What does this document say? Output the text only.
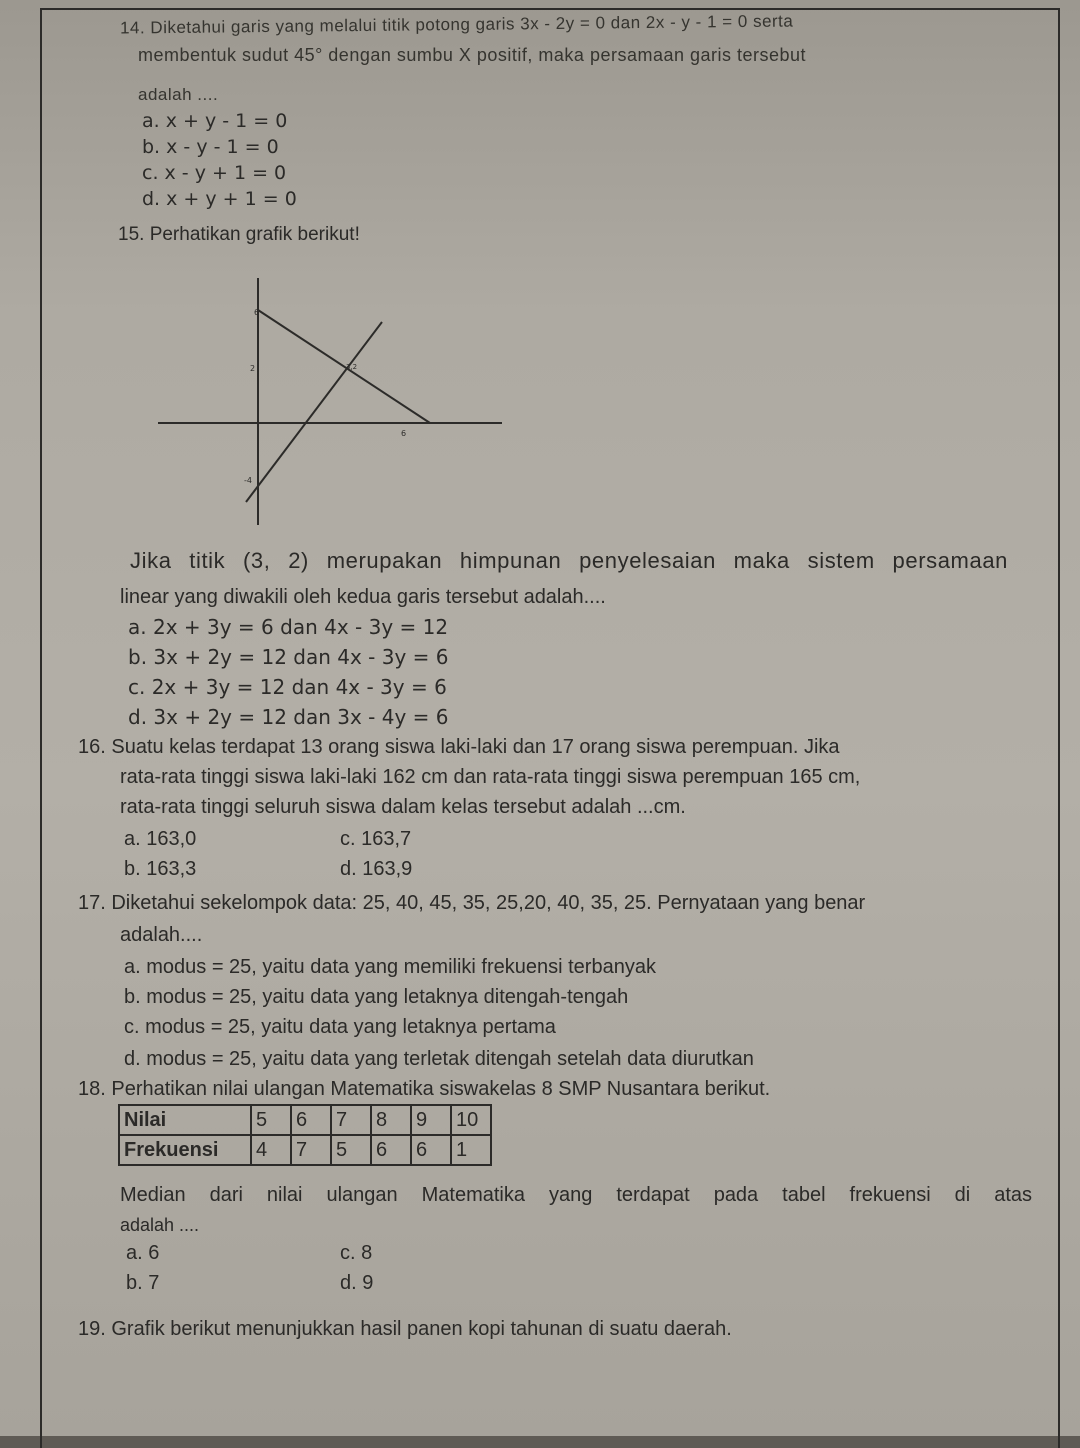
14. Diketahui garis yang melalui titik potong garis 3x - 2y = 0 dan 2x - y - 1 = 0 serta
membentuk sudut 45° dengan sumbu X positif, maka persamaan garis tersebut
adalah ....
a. x + y - 1 = 0
b. x - y - 1 = 0
c. x - y + 1 = 0
d. x + y + 1 = 0
15. Perhatikan grafik berikut!
6
2	3,2
6
-4
Jika titik (3, 2) merupakan himpunan penyelesaian maka sistem persamaan
linear yang diwakili oleh kedua garis tersebut adalah....
a. 2x + 3y = 6 dan 4x - 3y = 12
b. 3x + 2y = 12 dan 4x - 3y = 6
c. 2x + 3y = 12 dan 4x - 3y = 6
d. 3x + 2y = 12 dan 3x - 4y = 6
16. Suatu kelas terdapat 13 orang siswa laki-laki dan 17 orang siswa perempuan. Jika
rata-rata tinggi siswa laki-laki 162 cm dan rata-rata tinggi siswa perempuan 165 cm,
rata-rata tinggi seluruh siswa dalam kelas tersebut adalah ...cm.
a. 163,0	c. 163,7
b. 163,3	d. 163,9
17. Diketahui sekelompok data: 25, 40, 45, 35, 25,20, 40, 35, 25. Pernyataan yang benar
adalah....
a. modus = 25, yaitu data yang memiliki frekuensi terbanyak
b. modus = 25, yaitu data yang letaknya ditengah-tengah
c. modus = 25, yaitu data yang letaknya pertama
d. modus = 25, yaitu data yang terletak ditengah setelah data diurutkan
18. Perhatikan nilai ulangan Matematika siswakelas 8 SMP Nusantara berikut.
Nilai	5	6	7	8	9	10
Frekuensi	4	7	5	6	6	1
Median dari nilai ulangan Matematika yang terdapat pada tabel frekuensi di atas
adalah ....
a. 6	c. 8
b. 7	d. 9
19. Grafik berikut menunjukkan hasil panen kopi tahunan di suatu daerah.
